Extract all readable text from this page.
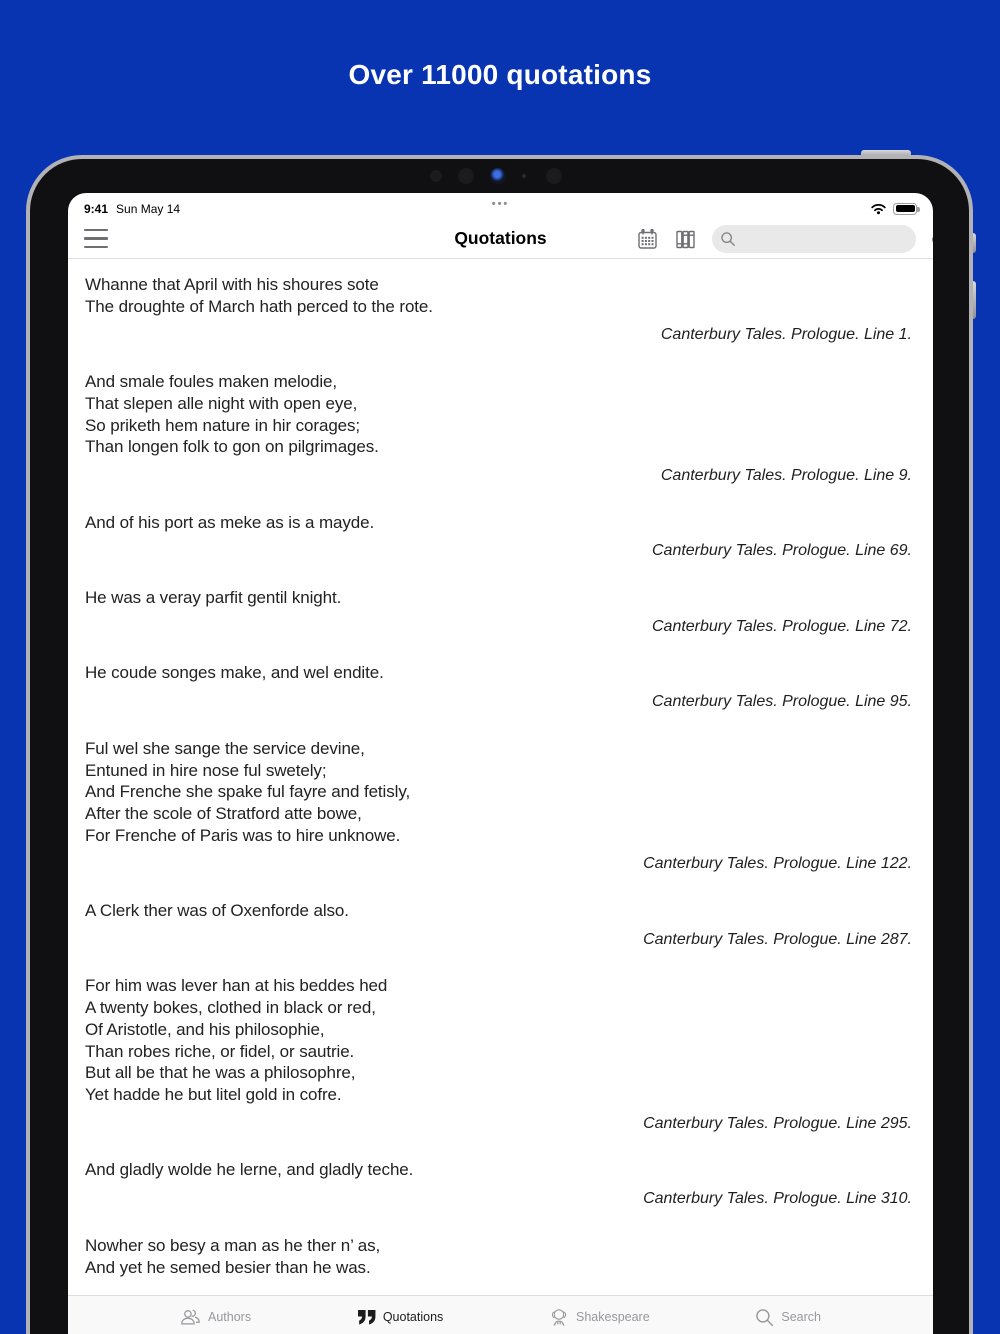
Over 11000 quotations
9:41 Sun May 14	•••
Quotations
Whanne that April with his shoures sote
The droughte of March hath perced to the rote.
Canterbury Tales. Prologue. Line 1.
And smale foules maken melodie,
That slepen alle night with open eye,
So priketh hem nature in hir corages;
Than longen folk to gon on pilgrimages.
Canterbury Tales. Prologue. Line 9.
And of his port as meke as is a mayde.
Canterbury Tales. Prologue. Line 69.
He was a veray parfit gentil knight.
Canterbury Tales. Prologue. Line 72.
He coude songes make, and wel endite.
Canterbury Tales. Prologue. Line 95.
Ful wel she sange the service devine,
Entuned in hire nose ful swetely;
And Frenche she spake ful fayre and fetisly,
After the scole of Stratford atte bowe,
For Frenche of Paris was to hire unknowe.
Canterbury Tales. Prologue. Line 122.
A Clerk ther was of Oxenforde also.
Canterbury Tales. Prologue. Line 287.
For him was lever han at his beddes hed
A twenty bokes, clothed in black or red,
Of Aristotle, and his philosophie,
Than robes riche, or fidel, or sautrie.
But all be that he was a philosophre,
Yet hadde he but litel gold in cofre.
Canterbury Tales. Prologue. Line 295.
And gladly wolde he lerne, and gladly teche.
Canterbury Tales. Prologue. Line 310.
Nowher so besy a man as he ther n’ as,
And yet he semed besier than he was.
Authors	Quotations	Shakespeare	Search
